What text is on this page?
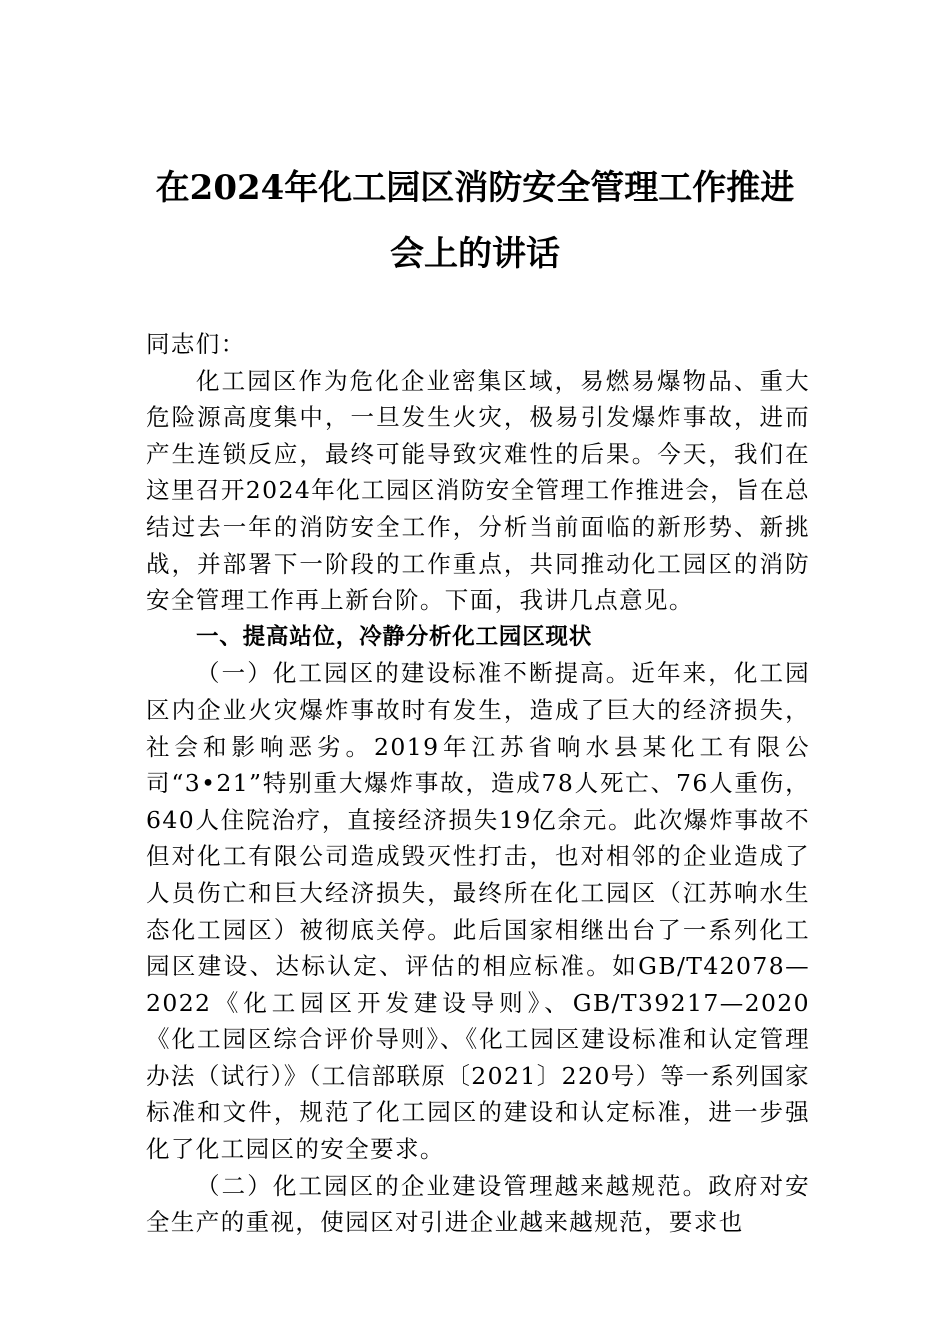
在2024年化工园区消防安全管理工作推进
会上的讲话

同志们：

化工园区作为危化企业密集区域，易燃易爆物品、重大危险源高度集中，一旦发生火灾，极易引发爆炸事故，进而产生连锁反应，最终可能导致灾难性的后果。今天，我们在这里召开2024年化工园区消防安全管理工作推进会，旨在总结过去一年的消防安全工作，分析当前面临的新形势、新挑战，并部署下一阶段的工作重点，共同推动化工园区的消防安全管理工作再上新台阶。下面，我讲几点意见。

一、提高站位，冷静分析化工园区现状

（一）化工园区的建设标准不断提高。近年来，化工园区内企业火灾爆炸事故时有发生，造成了巨大的经济损失，社会和影响恶劣。2019年江苏省响水县某化工有限公司“3•21”特别重大爆炸事故，造成78人死亡、76人重伤，640人住院治疗，直接经济损失19亿余元。此次爆炸事故不但对化工有限公司造成毁灭性打击，也对相邻的企业造成了人员伤亡和巨大经济损失，最终所在化工园区（江苏响水生态化工园区）被彻底关停。此后国家相继出台了一系列化工园区建设、达标认定、评估的相应标准。如GB/T42078—2022《化工园区开发建设导则》、GB/T39217—2020《化工园区综合评价导则》、《化工园区建设标准和认定管理办法（试行）》（工信部联原〔2021〕220号）等一系列国家标准和文件，规范了化工园区的建设和认定标准，进一步强化了化工园区的安全要求。

（二）化工园区的企业建设管理越来越规范。政府对安全生产的重视，使园区对引进企业越来越规范，要求也
